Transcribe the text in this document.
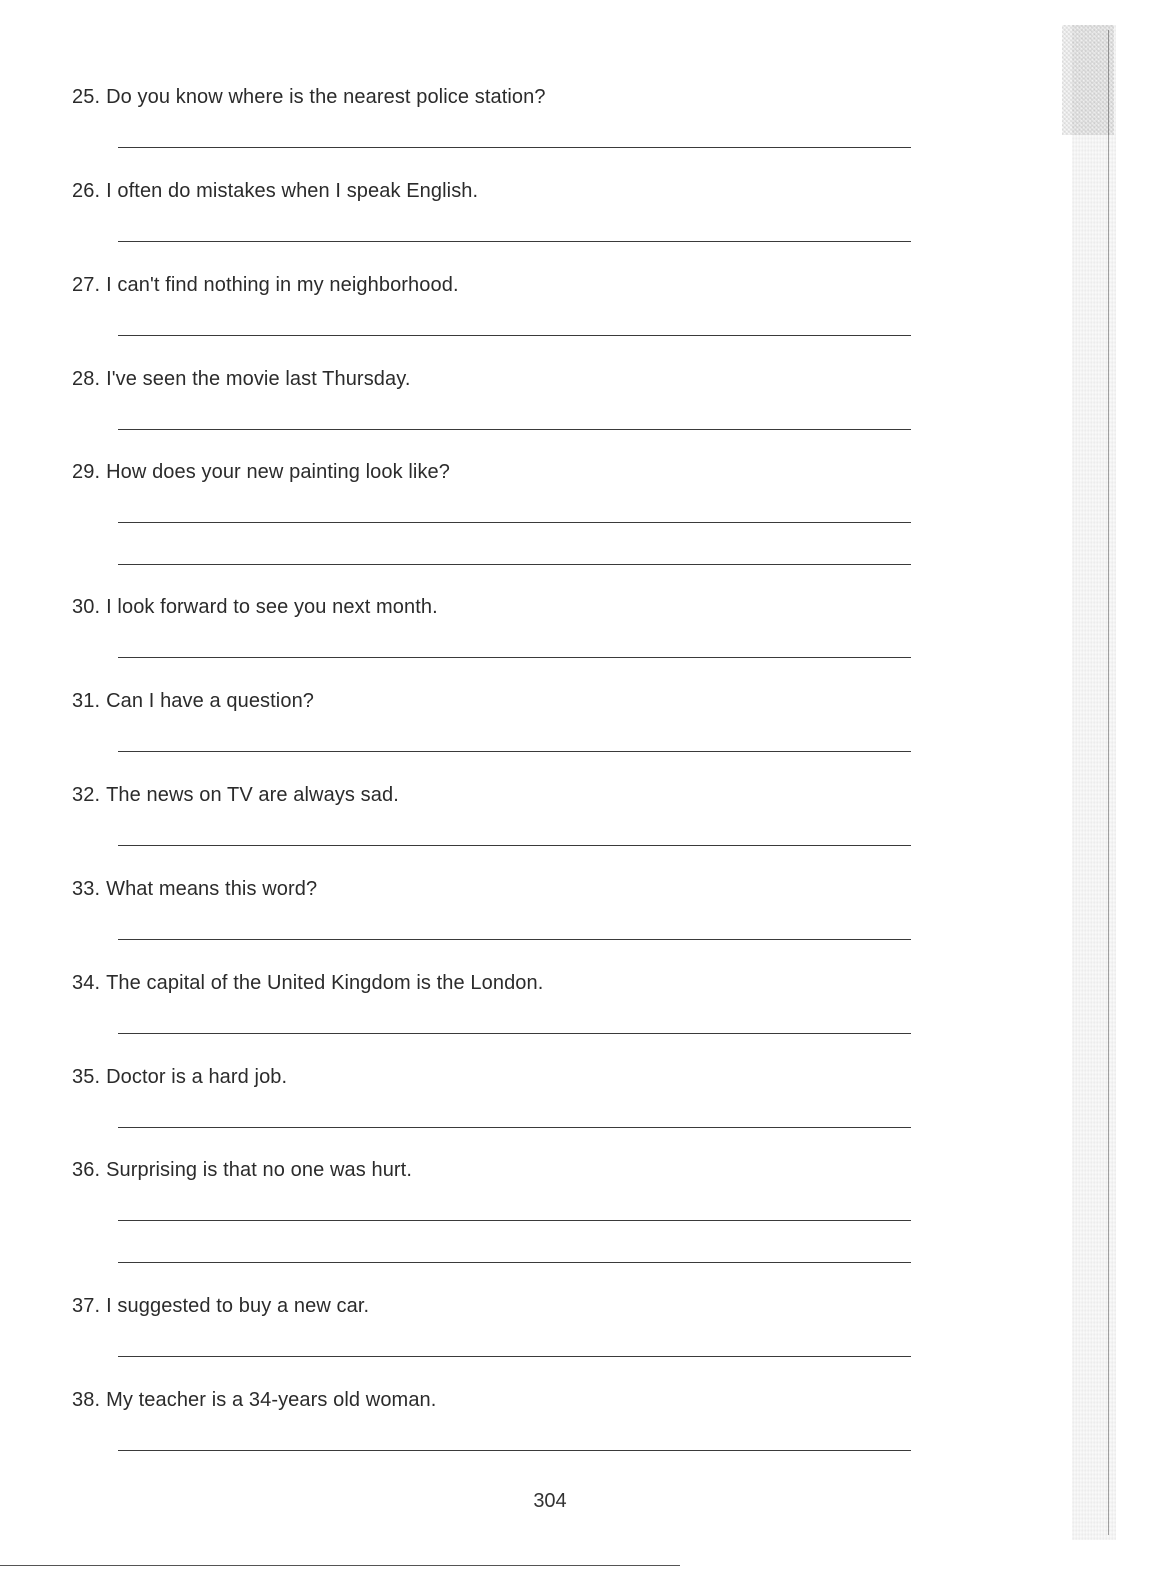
25. Do you know where is the nearest police station?
26. I often do mistakes when I speak English.
27. I can't find nothing in my neighborhood.
28. I've seen the movie last Thursday.
29. How does your new painting look like?
30. I look forward to see you next month.
31. Can I have a question?
32. The news on TV are always sad.
33. What means this word?
34. The capital of the United Kingdom is the London.
35. Doctor is a hard job.
36. Surprising is that no one was hurt.
37. I suggested to buy a new car.
38. My teacher is a 34-years old woman.
304
